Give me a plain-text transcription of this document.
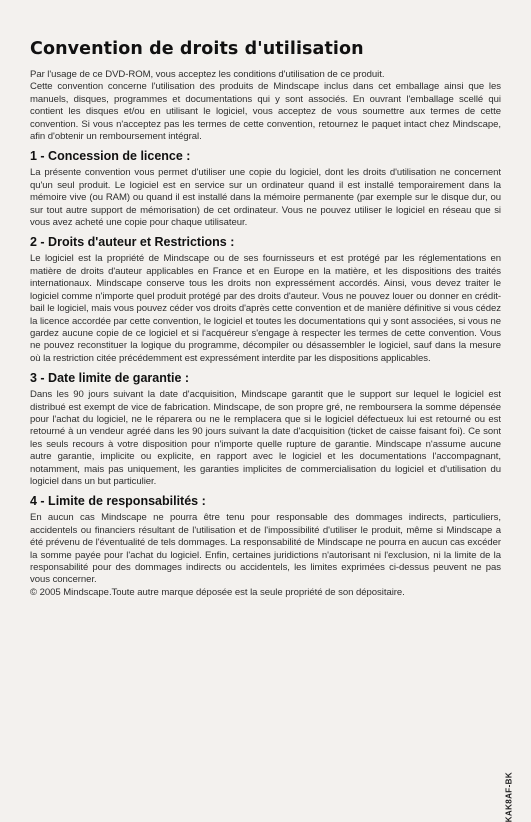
Convention de droits d'utilisation

Par l'usage de ce DVD-ROM, vous acceptez les conditions d'utilisation de ce produit.

Cette convention concerne l'utilisation des produits de Mindscape inclus dans cet emballage ainsi que les manuels, disques, programmes et documentations qui y sont associés. En ouvrant l'emballage scellé qui contient les disques et/ou en utilisant le logiciel, vous acceptez de vous soumettre aux termes de cette convention. Si vous n'acceptez pas les termes de cette convention, retournez le paquet intact chez Mindscape, afin d'obtenir un remboursement intégral.

1 - Concession de licence :

La présente convention vous permet d'utiliser une copie du logiciel, dont les droits d'utilisation ne concernent qu'un seul produit. Le logiciel est en service sur un ordinateur quand il est installé temporairement dans la mémoire vive (ou RAM) ou quand il est installé dans la mémoire permanente (par exemple sur le disque dur, ou sur tout autre support de mémorisation) de cet ordinateur. Vous ne pouvez utiliser le logiciel en réseau que si vous avez acheté une copie pour chaque utilisateur.

2 - Droits d'auteur et Restrictions :

Le logiciel est la propriété de Mindscape ou de ses fournisseurs et est protégé par les réglementations en matière de droits d'auteur applicables en France et en Europe en la matière, et les dispositions des traités internationaux. Mindscape conserve tous les droits non expressément accordés. Ainsi, vous devez traiter le logiciel comme n'importe quel produit protégé par des droits d'auteur. Vous ne pouvez louer ou donner en crédit-bail le logiciel, mais vous pouvez céder vos droits d'après cette convention et de manière définitive si vous cédez la licence accordée par cette convention, le logiciel et toutes les documentations qui y sont associées, si vous ne gardez aucune copie de ce logiciel et si l'acquéreur s'engage à respecter les termes de cette convention. Vous ne pouvez reconstituer la logique du programme, décompiler ou désassembler le logiciel, sauf dans la mesure où la restriction citée précédemment est expressément interdite par les dispositions applicables.

3 - Date limite de garantie :

Dans les 90 jours suivant la date d'acquisition, Mindscape garantit que le support sur lequel le logiciel est distribué est exempt de vice de fabrication. Mindscape, de son propre gré, ne remboursera la somme dépensée pour l'achat du logiciel, ne le réparera ou ne le remplacera que si le logiciel défectueux lui est retourné ou est retourné à un vendeur agréé dans les 90 jours suivant la date d'acquisition (ticket de caisse faisant foi). Ce sont les seuls recours à votre disposition pour n'importe quelle rupture de garantie. Mindscape n'assume aucune autre garantie, implicite ou explicite, en rapport avec le logiciel et les documentations l'accompagnant, notamment, mais pas uniquement, les garanties implicites de commercialisation du logiciel et d'utilisation du logiciel dans un but particulier.

4 - Limite de responsabilités :

En aucun cas Mindscape ne pourra être tenu pour responsable des dommages indirects, particuliers, accidentels ou financiers résultant de l'utilisation et de l'impossibilité d'utiliser le produit, même si Mindscape a été prévenu de l'éventualité de tels dommages. La responsabilité de Mindscape ne pourra en aucun cas excéder la somme payée pour l'achat du logiciel. Enfin, certaines juridictions n'autorisant ni l'exclusion, ni la limite de la responsabilité pour des dommages indirects ou accidentels, les limites exprimées ci-dessus peuvent ne pas vous concerner.

© 2005 Mindscape.Toute autre marque déposée est la seule propriété de son dépositaire.

KAK8AF-BK
